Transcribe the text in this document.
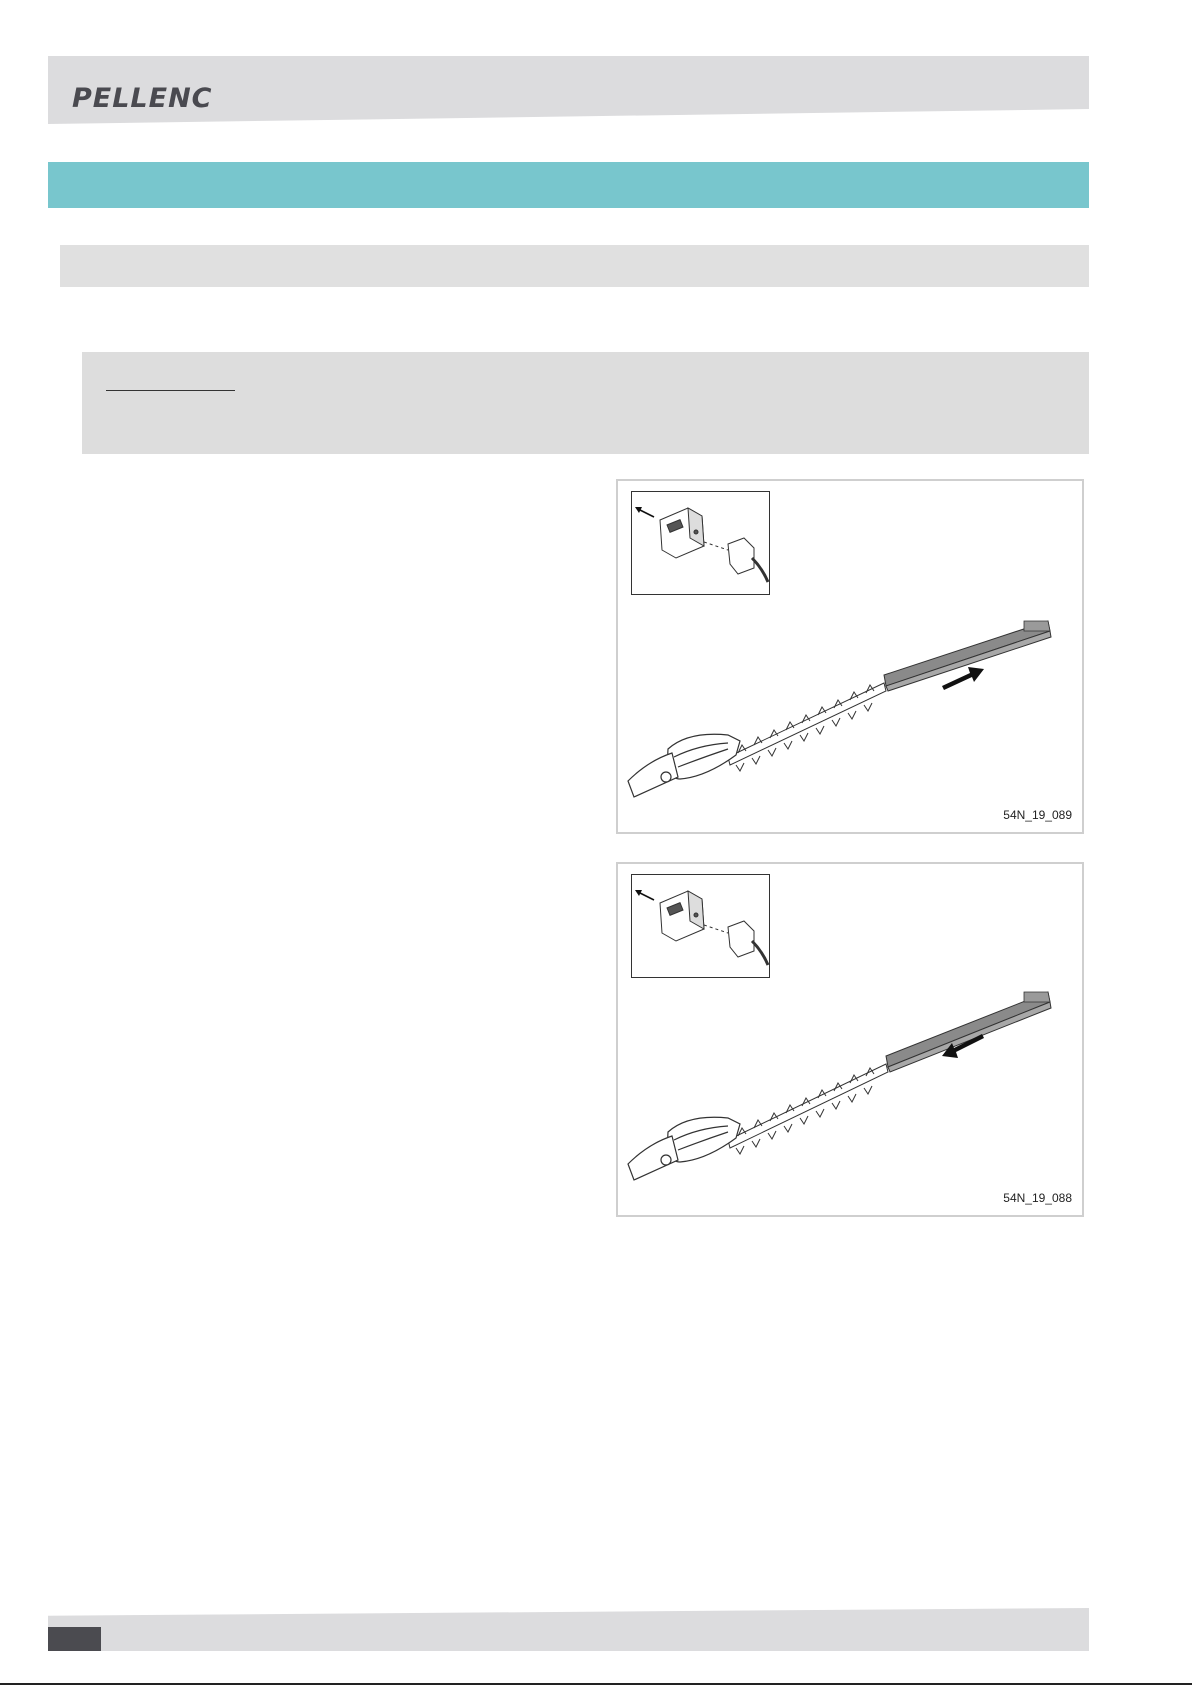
PELLENC
54N_19_089
54N_19_088
